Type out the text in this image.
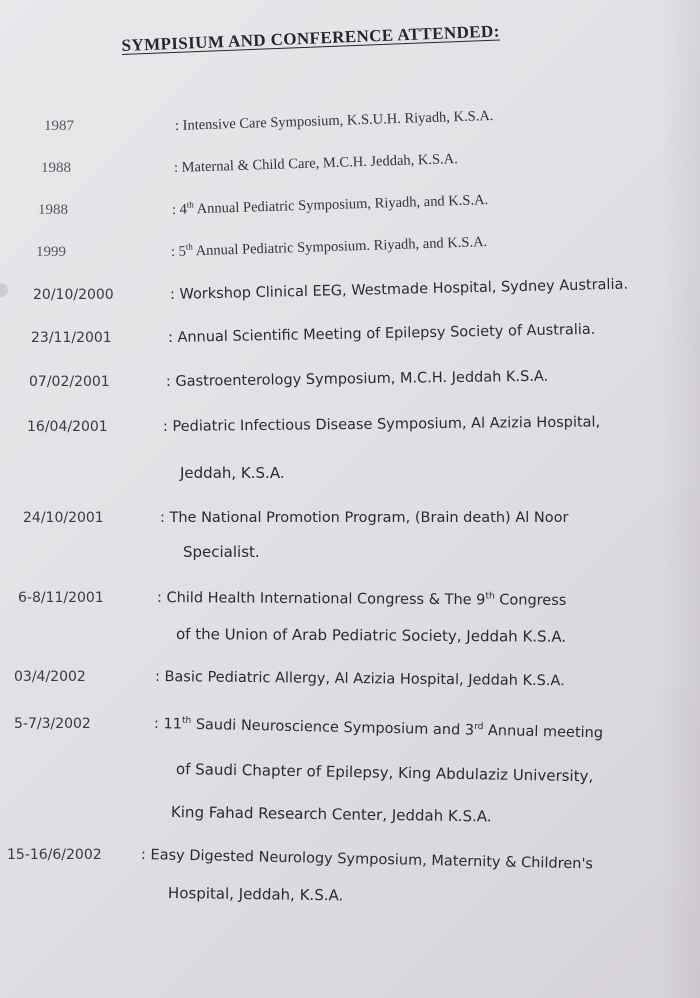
SYMPISIUM AND CONFERENCE ATTENDED:
1987	: Intensive Care Symposium, K.S.U.H. Riyadh, K.S.A.
1988	: Maternal & Child Care, M.C.H. Jeddah, K.S.A.
1988	: 4th Annual Pediatric Symposium, Riyadh, and K.S.A.
1999	: 5th Annual Pediatric Symposium. Riyadh, and K.S.A.
20/10/2000	: Workshop Clinical EEG, Westmade Hospital, Sydney Australia.
23/11/2001	: Annual Scientific Meeting of Epilepsy Society of Australia.
07/02/2001	: Gastroenterology Symposium, M.C.H. Jeddah K.S.A.
16/04/2001	: Pediatric Infectious Disease Symposium, Al Azizia Hospital,
Jeddah, K.S.A.
24/10/2001	: The National Promotion Program, (Brain death) Al Noor
Specialist.
6-8/11/2001	: Child Health International Congress & The 9th Congress
of the Union of Arab Pediatric Society, Jeddah K.S.A.
03/4/2002	: Basic Pediatric Allergy, Al Azizia Hospital, Jeddah K.S.A.
5-7/3/2002	: 11th Saudi Neuroscience Symposium and 3rd Annual meeting
of Saudi Chapter of Epilepsy, King Abdulaziz University,
King Fahad Research Center, Jeddah K.S.A.
15-16/6/2002	: Easy Digested Neurology Symposium, Maternity & Children's
Hospital, Jeddah, K.S.A.
